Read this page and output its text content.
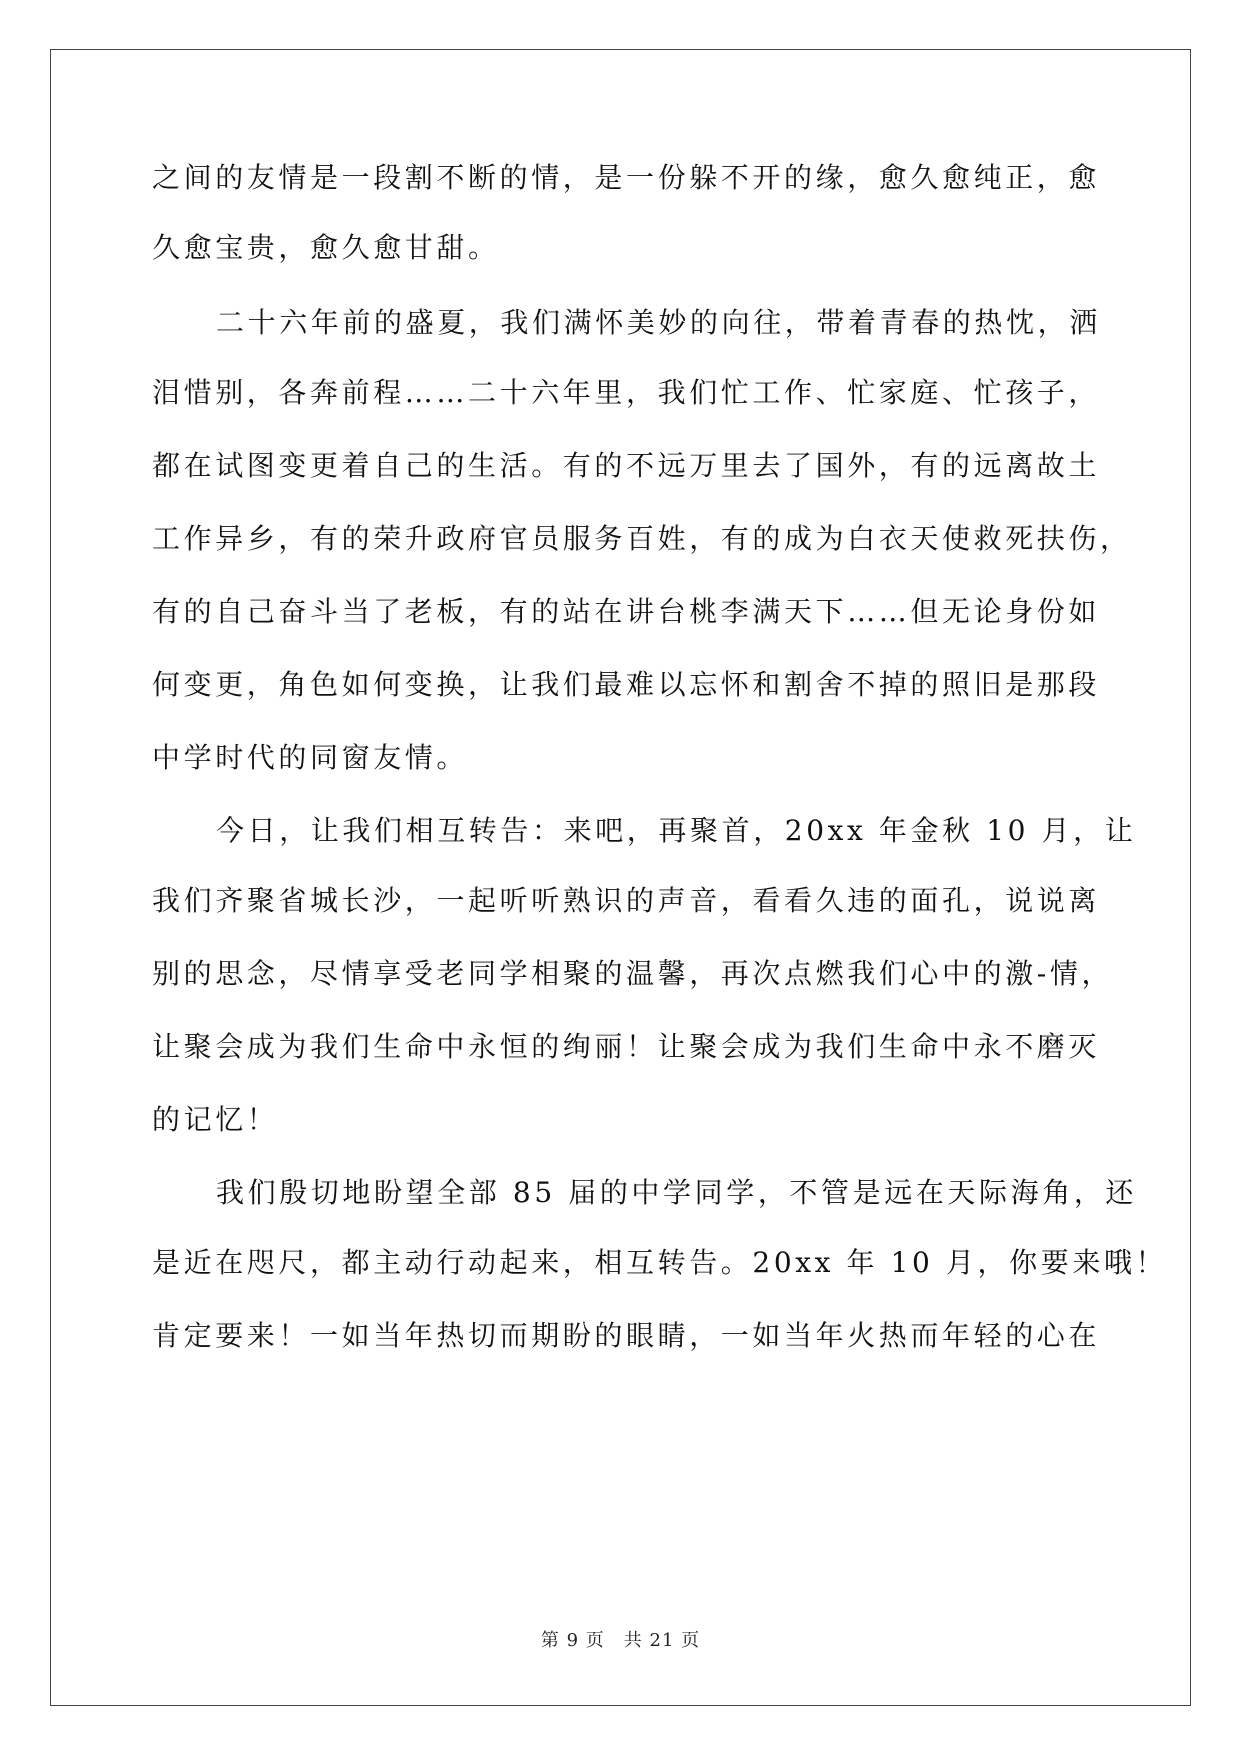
之间的友情是一段割不断的情，是一份躲不开的缘，愈久愈纯正，愈
久愈宝贵，愈久愈甘甜。
二十六年前的盛夏，我们满怀美妙的向往，带着青春的热忱，洒
泪惜别，各奔前程……二十六年里，我们忙工作、忙家庭、忙孩子，
都在试图变更着自己的生活。有的不远万里去了国外，有的远离故土
工作异乡，有的荣升政府官员服务百姓，有的成为白衣天使救死扶伤，
有的自己奋斗当了老板，有的站在讲台桃李满天下……但无论身份如
何变更，角色如何变换，让我们最难以忘怀和割舍不掉的照旧是那段
中学时代的同窗友情。
今日，让我们相互转告：来吧，再聚首，20xx 年金秋 10 月，让
我们齐聚省城长沙，一起听听熟识的声音，看看久违的面孔，说说离
别的思念，尽情享受老同学相聚的温馨，再次点燃我们心中的激-情，
让聚会成为我们生命中永恒的绚丽！让聚会成为我们生命中永不磨灭
的记忆！
我们殷切地盼望全部 85 届的中学同学，不管是远在天际海角，还
是近在咫尺，都主动行动起来，相互转告。20xx 年 10 月，你要来哦！
肯定要来！一如当年热切而期盼的眼睛，一如当年火热而年轻的心在
第 9 页　共 21 页
